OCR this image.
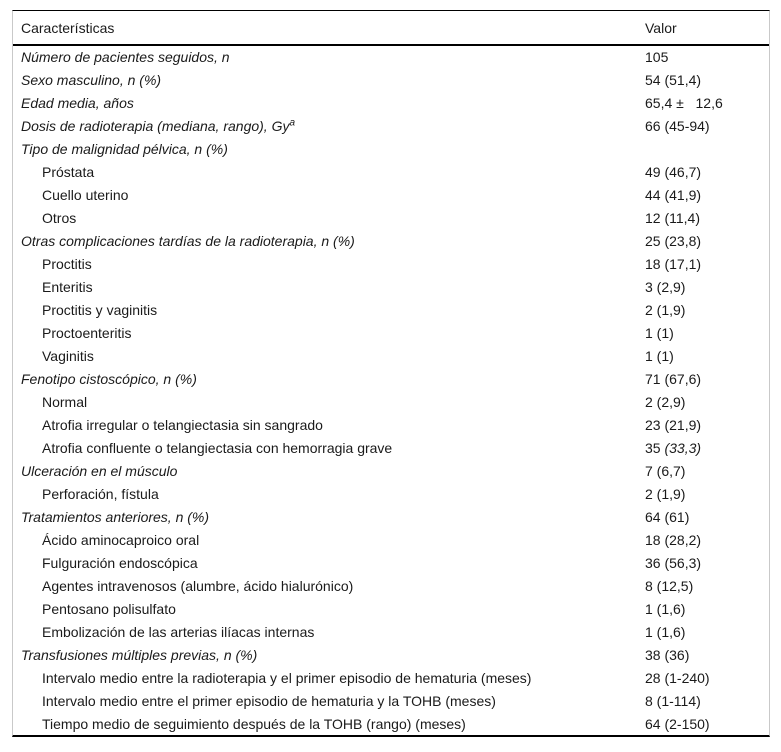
Características	Valor
Número de pacientes seguidos, n	105
Sexo masculino, n (%)	54 (51,4)
Edad media, años	65,4 ±   12,6
Dosis de radioterapia (mediana, rango), Gy$^a$	66 (45-94)
Tipo de malignidad pélvica, n (%)
Próstata	49 (46,7)
Cuello uterino	44 (41,9)
Otros	12 (11,4)
Otras complicaciones tardías de la radioterapia, n (%)	25 (23,8)
Proctitis	18 (17,1)
Enteritis	3 (2,9)
Proctitis y vaginitis	2 (1,9)
Proctoenteritis	1 (1)
Vaginitis	1 (1)
Fenotipo cistoscópico, n (%)	71 (67,6)
Normal	2 (2,9)
Atrofia irregular o telangiectasia sin sangrado	23 (21,9)
Atrofia confluente o telangiectasia con hemorragia grave	35 (33,3)
Ulceración en el músculo	7 (6,7)
Perforación, fístula	2 (1,9)
Tratamientos anteriores, n (%)	64 (61)
Ácido aminocaproico oral	18 (28,2)
Fulguración endoscópica	36 (56,3)
Agentes intravenosos (alumbre, ácido hialurónico)	8 (12,5)
Pentosano polisulfato	1 (1,6)
Embolización de las arterias ilíacas internas	1 (1,6)
Transfusiones múltiples previas, n (%)	38 (36)
Intervalo medio entre la radioterapia y el primer episodio de hematuria (meses)	28 (1-240)
Intervalo medio entre el primer episodio de hematuria y la TOHB (meses)	8 (1-114)
Tiempo medio de seguimiento después de la TOHB (rango) (meses)	64 (2-150)
